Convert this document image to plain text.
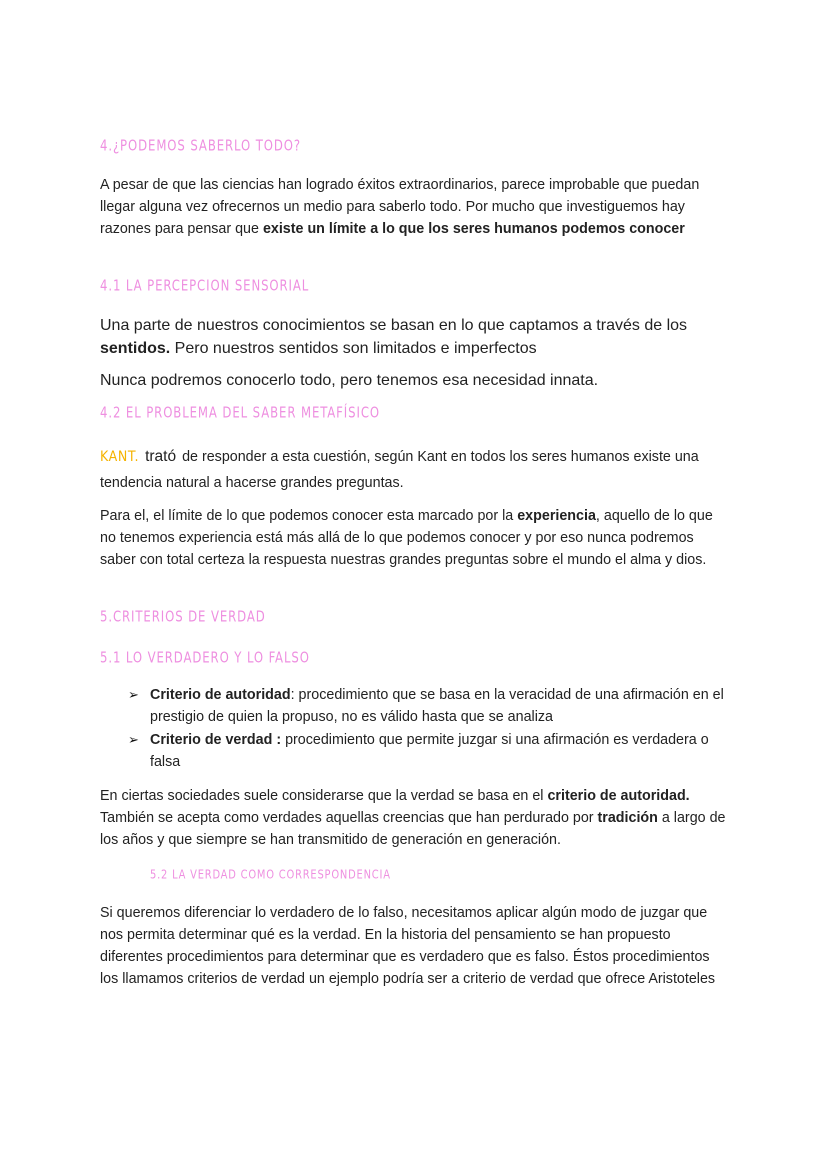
4.¿PODEMOS SABERLO TODO?

A pesar de que las ciencias han logrado éxitos extraordinarios, parece improbable que puedan llegar alguna vez ofrecernos un medio para saberlo todo. Por mucho que investiguemos hay razones para pensar que existe un límite a lo que los seres humanos podemos conocer

4.1 LA PERCEPCION SENSORIAL

Una parte de nuestros conocimientos se basan en lo que captamos a través de los sentidos. Pero nuestros sentidos son limitados e imperfectos

Nunca podremos conocerlo todo, pero tenemos esa necesidad innata.

4.2 EL PROBLEMA DEL SABER METAFÍSICO

KANT. trató de responder a esta cuestión, según Kant en todos los seres humanos existe una tendencia natural a hacerse grandes preguntas.

Para el, el límite de lo que podemos conocer esta marcado por la experiencia, aquello de lo que no tenemos experiencia está más allá de lo que podemos conocer y por eso nunca podremos saber con total certeza la respuesta nuestras grandes preguntas sobre el mundo el alma y dios.

5.CRITERIOS DE VERDAD
5.1 LO VERDADERO Y LO FALSO
➢ Criterio de autoridad: procedimiento que se basa en la veracidad de una afirmación en el prestigio de quien la propuso, no es válido hasta que se analiza
➢ Criterio de verdad : procedimiento que permite juzgar si una afirmación es verdadera o falsa

En ciertas sociedades suele considerarse que la verdad se basa en el criterio de autoridad. También se acepta como verdades aquellas creencias que han perdurado por tradición a largo de los años y que siempre se han transmitido de generación en generación.

5.2 LA VERDAD COMO CORRESPONDENCIA

Si queremos diferenciar lo verdadero de lo falso, necesitamos aplicar algún modo de juzgar que nos permita determinar qué es la verdad. En la historia del pensamiento se han propuesto diferentes procedimientos para determinar que es verdadero que es falso. Éstos procedimientos los llamamos criterios de verdad un ejemplo podría ser a criterio de verdad que ofrece Aristoteles
